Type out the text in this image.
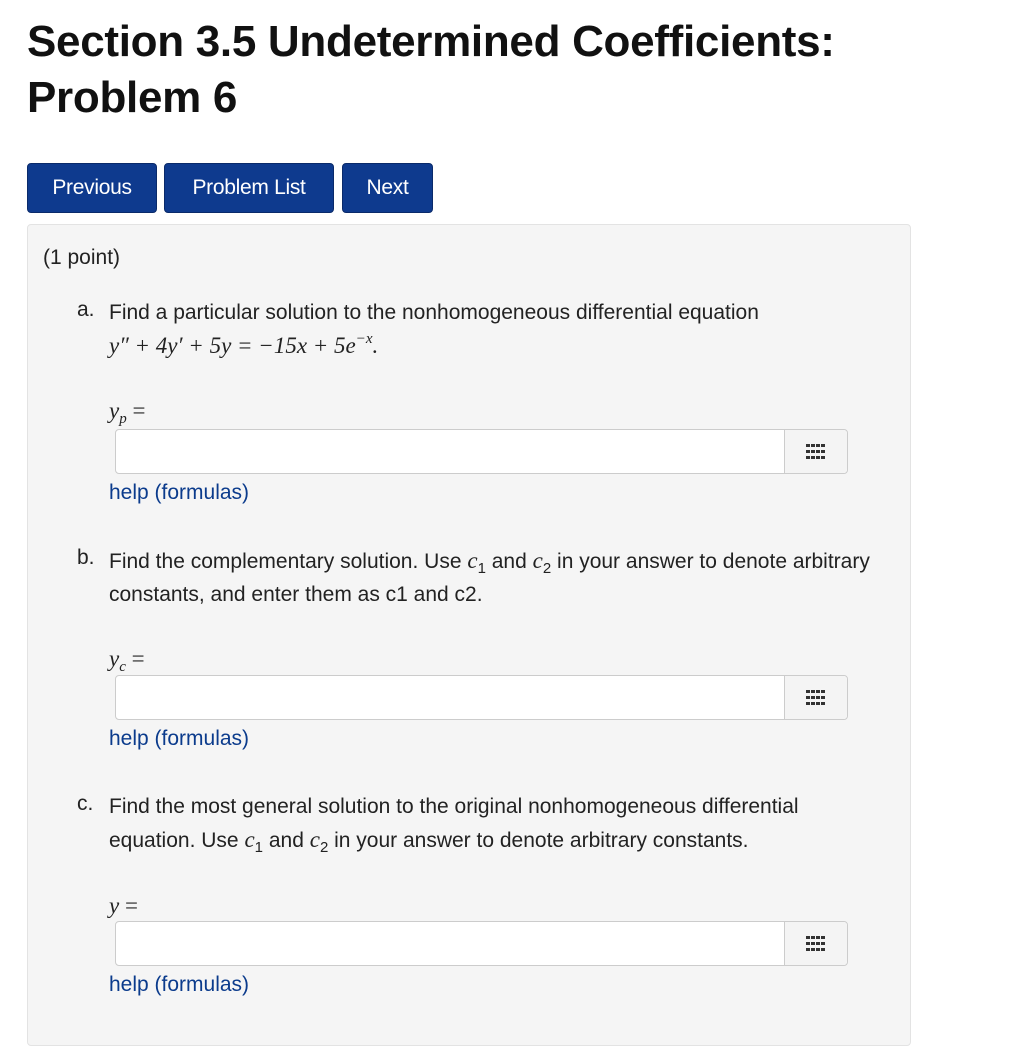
Section 3.5 Undetermined Coefficients:
Problem 6
Previous	Problem List	Next
(1 point)
a. Find a particular solution to the nonhomogeneous differential equation
$y'' + 4y' + 5y = -15x + 5e^{-x}$.
$y_p$ =
help (formulas)
b. Find the complementary solution. Use $c_1$ and $c_2$ in your answer to denote arbitrary constants, and enter them as c1 and c2.
$y_c$ =
help (formulas)
c. Find the most general solution to the original nonhomogeneous differential equation. Use $c_1$ and $c_2$ in your answer to denote arbitrary constants.
y =
help (formulas)
